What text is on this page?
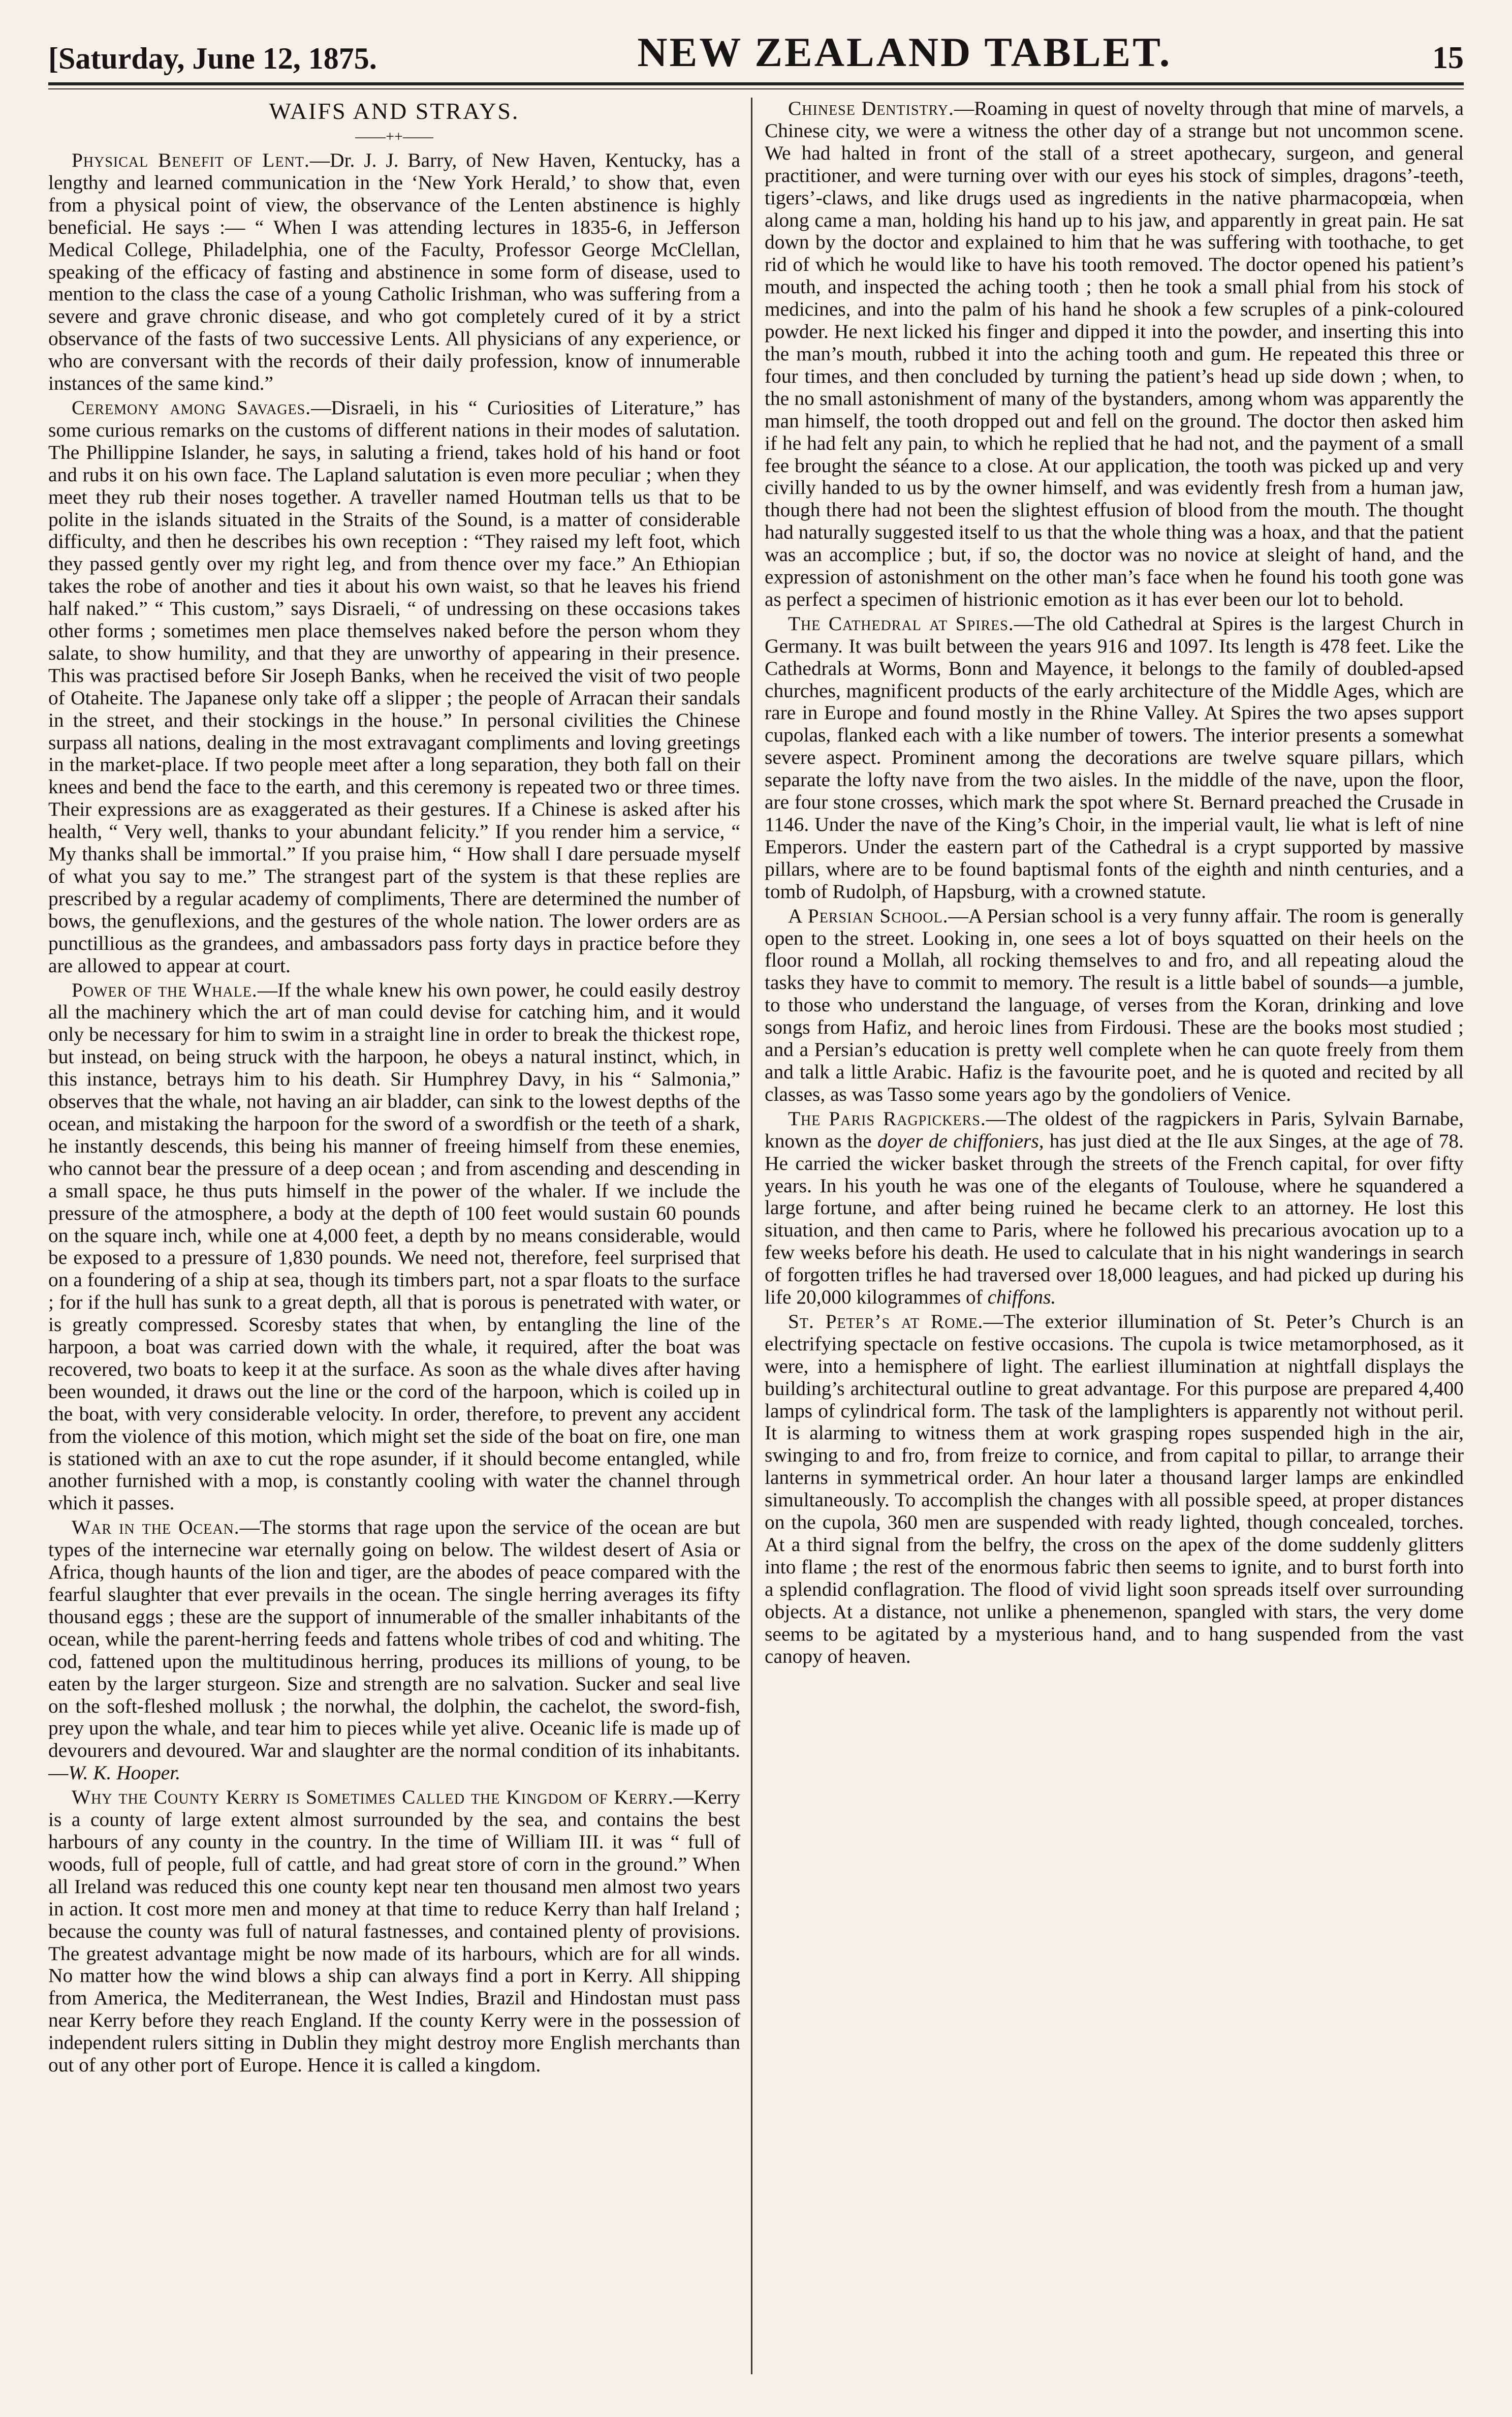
[Saturday, June 12, 1875.	NEW ZEALAND TABLET.	15
WAIFS AND STRAYS.
——++——

Physical Benefit of Lent.—Dr. J. J. Barry, of New Haven, Kentucky, has a lengthy and learned communication in the ‘New York Herald,’ to show that, even from a physical point of view, the observance of the Lenten abstinence is highly beneficial. He says :— “ When I was attending lectures in 1835-6, in Jefferson Medical College, Philadelphia, one of the Faculty, Professor George McClellan, speaking of the efficacy of fasting and abstinence in some form of disease, used to mention to the class the case of a young Catholic Irishman, who was suffering from a severe and grave chronic disease, and who got completely cured of it by a strict observance of the fasts of two successive Lents. All physicians of any experience, or who are conversant with the records of their daily profession, know of innumerable instances of the same kind.”

Ceremony among Savages.—Disraeli, in his “ Curiosities of Literature,” has some curious remarks on the customs of different nations in their modes of salutation. The Phillippine Islander, he says, in saluting a friend, takes hold of his hand or foot and rubs it on his own face. The Lapland salutation is even more peculiar ; when they meet they rub their noses together. A traveller named Houtman tells us that to be polite in the islands situated in the Straits of the Sound, is a matter of considerable difficulty, and then he describes his own reception : “They raised my left foot, which they passed gently over my right leg, and from thence over my face.” An Ethiopian takes the robe of another and ties it about his own waist, so that he leaves his friend half naked.” “ This custom,” says Disraeli, “ of undressing on these occasions takes other forms ; sometimes men place themselves naked before the person whom they salate, to show humility, and that they are unworthy of appearing in their presence. This was practised before Sir Joseph Banks, when he received the visit of two people of Otaheite. The Japanese only take off a slipper ; the people of Arracan their sandals in the street, and their stockings in the house.” In personal civilities the Chinese surpass all nations, dealing in the most extravagant compliments and loving greetings in the market-place. If two people meet after a long separation, they both fall on their knees and bend the face to the earth, and this ceremony is repeated two or three times. Their expressions are as exaggerated as their gestures. If a Chinese is asked after his health, “ Very well, thanks to your abundant felicity.” If you render him a service, “ My thanks shall be immortal.” If you praise him, “ How shall I dare persuade myself of what you say to me.” The strangest part of the system is that these replies are prescribed by a regular academy of compliments, There are determined the number of bows, the genuflexions, and the gestures of the whole nation. The lower orders are as punctillious as the grandees, and ambassadors pass forty days in practice before they are allowed to appear at court.

Power of the Whale.—If the whale knew his own power, he could easily destroy all the machinery which the art of man could devise for catching him, and it would only be necessary for him to swim in a straight line in order to break the thickest rope, but instead, on being struck with the harpoon, he obeys a natural instinct, which, in this instance, betrays him to his death. Sir Humphrey Davy, in his “ Salmonia,” observes that the whale, not having an air bladder, can sink to the lowest depths of the ocean, and mistaking the harpoon for the sword of a swordfish or the teeth of a shark, he instantly descends, this being his manner of freeing himself from these enemies, who cannot bear the pressure of a deep ocean ; and from ascending and descending in a small space, he thus puts himself in the power of the whaler. If we include the pressure of the atmosphere, a body at the depth of 100 feet would sustain 60 pounds on the square inch, while one at 4,000 feet, a depth by no means considerable, would be exposed to a pressure of 1,830 pounds. We need not, therefore, feel surprised that on a foundering of a ship at sea, though its timbers part, not a spar floats to the surface ; for if the hull has sunk to a great depth, all that is porous is penetrated with water, or is greatly compressed. Scoresby states that when, by entangling the line of the harpoon, a boat was carried down with the whale, it required, after the boat was recovered, two boats to keep it at the surface. As soon as the whale dives after having been wounded, it draws out the line or the cord of the harpoon, which is coiled up in the boat, with very considerable velocity. In order, therefore, to prevent any accident from the violence of this motion, which might set the side of the boat on fire, one man is stationed with an axe to cut the rope asunder, if it should become entangled, while another furnished with a mop, is constantly cooling with water the channel through which it passes.

War in the Ocean.—The storms that rage upon the service of the ocean are but types of the internecine war eternally going on below. The wildest desert of Asia or Africa, though haunts of the lion and tiger, are the abodes of peace compared with the fearful slaughter that ever prevails in the ocean. The single herring averages its fifty thousand eggs ; these are the support of innumerable of the smaller inhabitants of the ocean, while the parent-herring feeds and fattens whole tribes of cod and whiting. The cod, fattened upon the multitudinous herring, produces its millions of young, to be eaten by the larger sturgeon. Size and strength are no salvation. Sucker and seal live on the soft-fleshed mollusk ; the norwhal, the dolphin, the cachelot, the sword-fish, prey upon the whale, and tear him to pieces while yet alive. Oceanic life is made up of devourers and devoured. War and slaughter are the normal condition of its inhabitants.—W. K. Hooper.

Why the County Kerry is Sometimes Called the Kingdom of Kerry.—Kerry is a county of large extent almost surrounded by the sea, and contains the best harbours of any county in the country. In the time of William III. it was “ full of woods, full of people, full of cattle, and had great store of corn in the ground.” When all Ireland was reduced this one county kept near ten thousand men almost two years in action. It cost more men and money at that time to reduce Kerry than half Ireland ; because the county was full of natural fastnesses, and contained plenty of provisions. The greatest advantage might be now made of its harbours, which are for all winds. No matter how the wind blows a ship can always find a port in Kerry. All shipping from America, the Mediterranean, the West Indies, Brazil and Hindostan must pass near Kerry before they reach England. If the county Kerry were in the possession of independent rulers sitting in Dublin they might destroy more English merchants than out of any other port of Europe. Hence it is called a kingdom.

Chinese Dentistry.—Roaming in quest of novelty through that mine of marvels, a Chinese city, we were a witness the other day of a strange but not uncommon scene. We had halted in front of the stall of a street apothecary, surgeon, and general practitioner, and were turning over with our eyes his stock of simples, dragons’-teeth, tigers’-claws, and like drugs used as ingredients in the native pharmacopœia, when along came a man, holding his hand up to his jaw, and apparently in great pain. He sat down by the doctor and explained to him that he was suffering with toothache, to get rid of which he would like to have his tooth removed. The doctor opened his patient’s mouth, and inspected the aching tooth ; then he took a small phial from his stock of medicines, and into the palm of his hand he shook a few scruples of a pink-coloured powder. He next licked his finger and dipped it into the powder, and inserting this into the man’s mouth, rubbed it into the aching tooth and gum. He repeated this three or four times, and then concluded by turning the patient’s head up side down ; when, to the no small astonishment of many of the bystanders, among whom was apparently the man himself, the tooth dropped out and fell on the ground. The doctor then asked him if he had felt any pain, to which he replied that he had not, and the payment of a small fee brought the séance to a close. At our application, the tooth was picked up and very civilly handed to us by the owner himself, and was evidently fresh from a human jaw, though there had not been the slightest effusion of blood from the mouth. The thought had naturally suggested itself to us that the whole thing was a hoax, and that the patient was an accomplice ; but, if so, the doctor was no novice at sleight of hand, and the expression of astonishment on the other man’s face when he found his tooth gone was as perfect a specimen of histrionic emotion as it has ever been our lot to behold.

The Cathedral at Spires.—The old Cathedral at Spires is the largest Church in Germany. It was built between the years 916 and 1097. Its length is 478 feet. Like the Cathedrals at Worms, Bonn and Mayence, it belongs to the family of doubled-apsed churches, magnificent products of the early architecture of the Middle Ages, which are rare in Europe and found mostly in the Rhine Valley. At Spires the two apses support cupolas, flanked each with a like number of towers. The interior presents a somewhat severe aspect. Prominent among the decorations are twelve square pillars, which separate the lofty nave from the two aisles. In the middle of the nave, upon the floor, are four stone crosses, which mark the spot where St. Bernard preached the Crusade in 1146. Under the nave of the King’s Choir, in the imperial vault, lie what is left of nine Emperors. Under the eastern part of the Cathedral is a crypt supported by massive pillars, where are to be found baptismal fonts of the eighth and ninth centuries, and a tomb of Rudolph, of Hapsburg, with a crowned statute.

A Persian School.—A Persian school is a very funny affair. The room is generally open to the street. Looking in, one sees a lot of boys squatted on their heels on the floor round a Mollah, all rocking themselves to and fro, and all repeating aloud the tasks they have to commit to memory. The result is a little babel of sounds—a jumble, to those who understand the language, of verses from the Koran, drinking and love songs from Hafiz, and heroic lines from Firdousi. These are the books most studied ; and a Persian’s education is pretty well complete when he can quote freely from them and talk a little Arabic. Hafiz is the favourite poet, and he is quoted and recited by all classes, as was Tasso some years ago by the gondoliers of Venice.

The Paris Ragpickers.—The oldest of the ragpickers in Paris, Sylvain Barnabe, known as the doyer de chiffoniers, has just died at the Ile aux Singes, at the age of 78. He carried the wicker basket through the streets of the French capital, for over fifty years. In his youth he was one of the elegants of Toulouse, where he squandered a large fortune, and after being ruined he became clerk to an attorney. He lost this situation, and then came to Paris, where he followed his precarious avocation up to a few weeks before his death. He used to calculate that in his night wanderings in search of forgotten trifles he had traversed over 18,000 leagues, and had picked up during his life 20,000 kilogrammes of chiffons.

St. Peter’s at Rome.—The exterior illumination of St. Peter’s Church is an electrifying spectacle on festive occasions. The cupola is twice metamorphosed, as it were, into a hemisphere of light. The earliest illumination at nightfall displays the building’s architectural outline to great advantage. For this purpose are prepared 4,400 lamps of cylindrical form. The task of the lamplighters is apparently not without peril. It is alarming to witness them at work grasping ropes suspended high in the air, swinging to and fro, from freize to cornice, and from capital to pillar, to arrange their lanterns in symmetrical order. An hour later a thousand larger lamps are enkindled simultaneously. To accomplish the changes with all possible speed, at proper distances on the cupola, 360 men are suspended with ready lighted, though concealed, torches. At a third signal from the belfry, the cross on the apex of the dome suddenly glitters into flame ; the rest of the enormous fabric then seems to ignite, and to burst forth into a splendid conflagration. The flood of vivid light soon spreads itself over surrounding objects. At a distance, not unlike a phenemenon, spangled with stars, the very dome seems to be agitated by a mysterious hand, and to hang suspended from the vast canopy of heaven.
